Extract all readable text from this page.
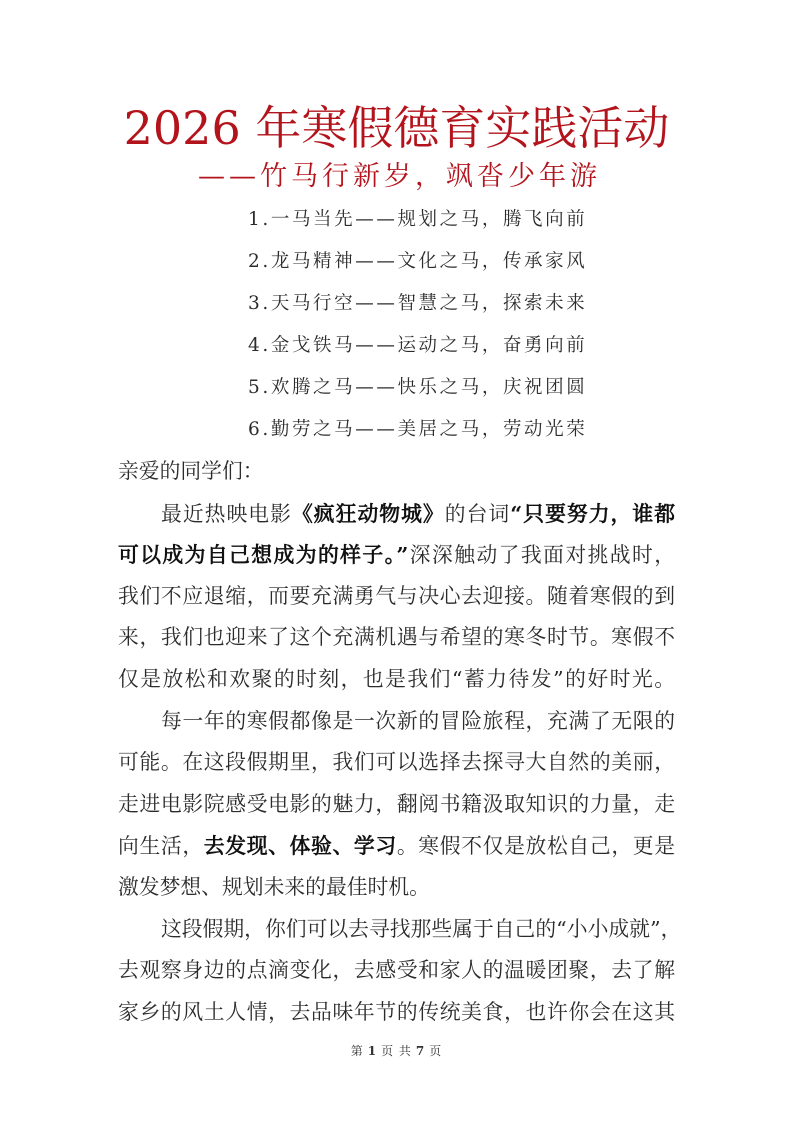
2026 年寒假德育实践活动
——竹马行新岁，飒沓少年游
1.一马当先——规划之马，腾飞向前
2.龙马精神——文化之马，传承家风
3.天马行空——智慧之马，探索未来
4.金戈铁马——运动之马，奋勇向前
5.欢腾之马——快乐之马，庆祝团圆
6.勤劳之马——美居之马，劳动光荣
亲爱的同学们：
最近热映电影《疯狂动物城》的台词“只要努力，谁都
可以成为自己想成为的样子。”深深触动了我面对挑战时，
我们不应退缩，而要充满勇气与决心去迎接。随着寒假的到
来，我们也迎来了这个充满机遇与希望的寒冬时节。寒假不
仅是放松和欢聚的时刻，也是我们“蓄力待发”的好时光。
每一年的寒假都像是一次新的冒险旅程，充满了无限的
可能。在这段假期里，我们可以选择去探寻大自然的美丽，
走进电影院感受电影的魅力，翻阅书籍汲取知识的力量，走
向生活，去发现、体验、学习。寒假不仅是放松自己，更是
激发梦想、规划未来的最佳时机。
这段假期，你们可以去寻找那些属于自己的“小小成就”，
去观察身边的点滴变化，去感受和家人的温暖团聚，去了解
家乡的风土人情，去品味年节的传统美食，也许你会在这其
第 1 页 共 7 页
